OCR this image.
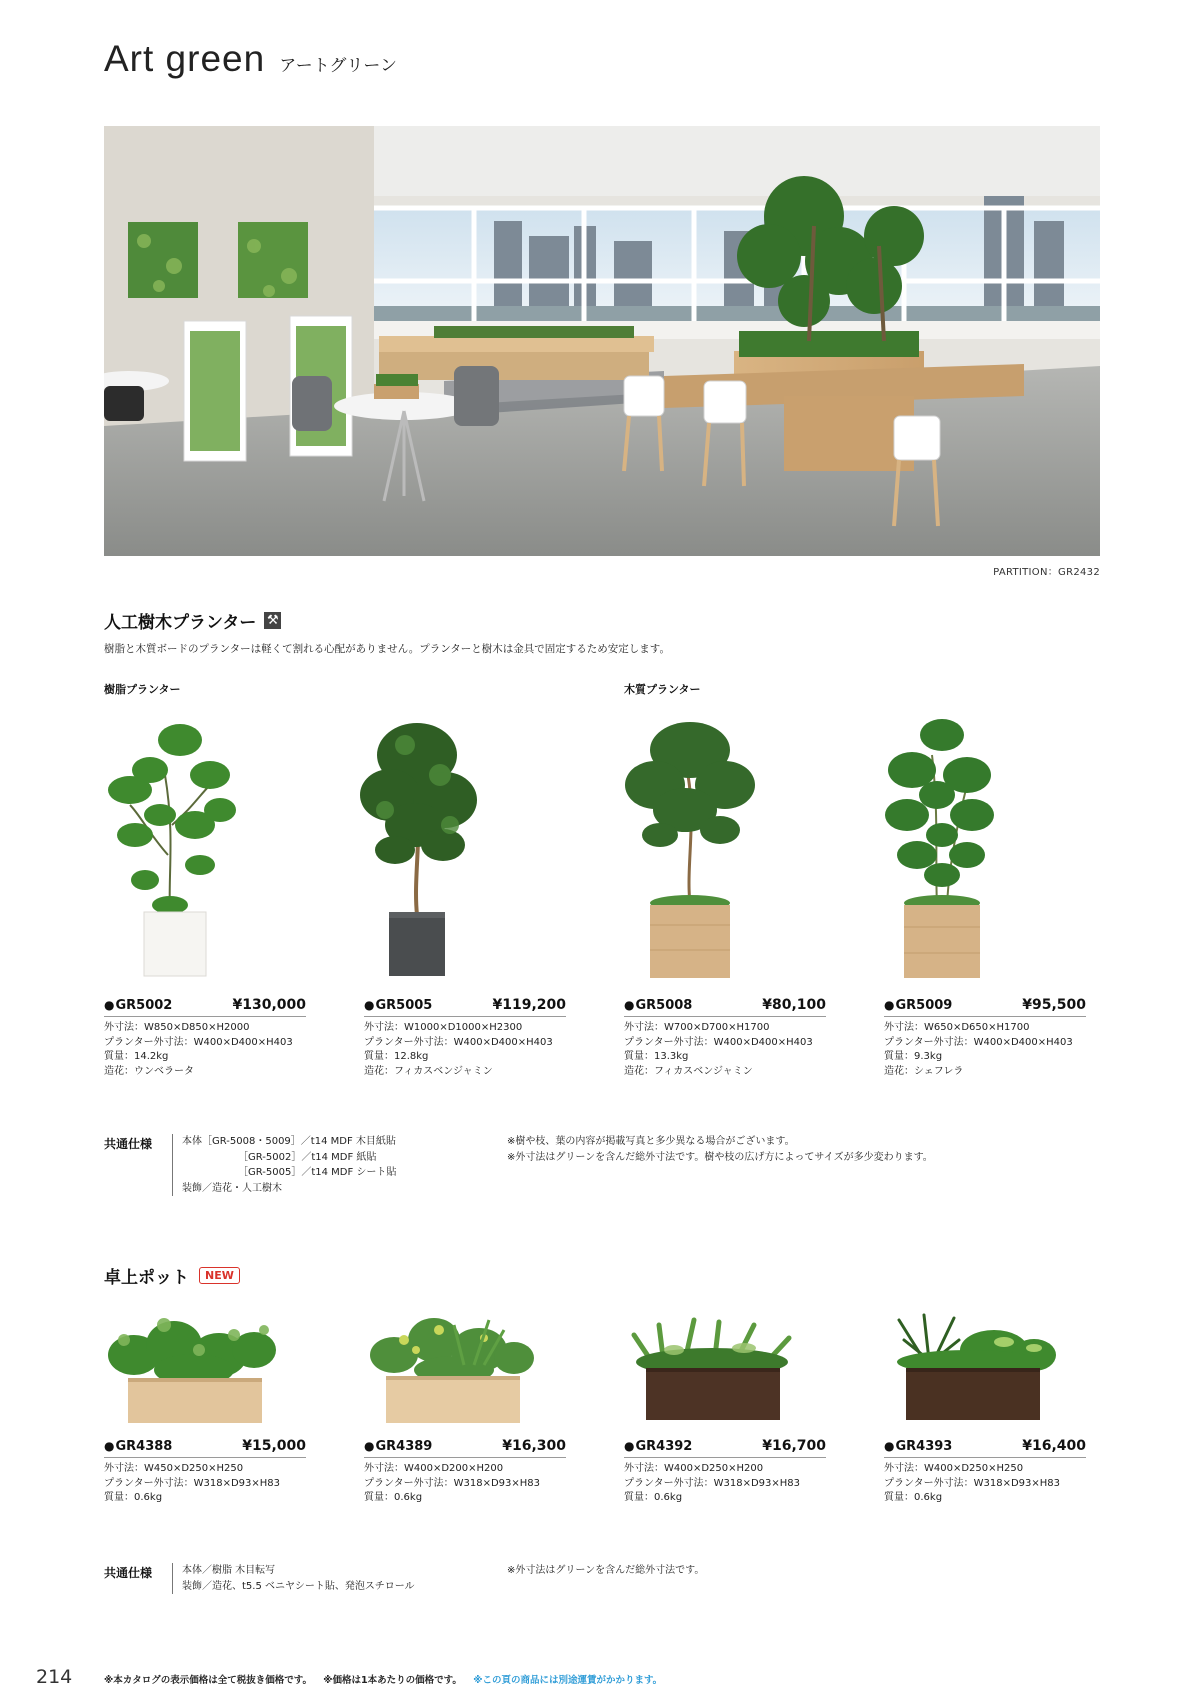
Art green アートグリーン
PARTITION：GR2432
人工樹木プランター ⚒
樹脂と木質ボードのプランターは軽くて割れる心配がありません。プランターと樹木は金具で固定するため安定します。
樹脂プランター	木質プランター
● GR5002	¥130,000
外寸法：W850×D850×H2000
プランター外寸法：W400×D400×H403
質量：14.2kg
造花：ウンベラータ
● GR5005	¥119,200
外寸法：W1000×D1000×H2300
プランター外寸法：W400×D400×H403
質量：12.8kg
造花：フィカスベンジャミン
● GR5008	¥80,100
外寸法：W700×D700×H1700
プランター外寸法：W400×D400×H403
質量：13.3kg
造花：フィカスベンジャミン
● GR5009	¥95,500
外寸法：W650×D650×H1700
プランター外寸法：W400×D400×H403
質量：9.3kg
造花：シェフレラ
共通仕様	本体［GR-5008・5009］／t14 MDF 木目紙貼
［GR-5002］／t14 MDF 紙貼
［GR-5005］／t14 MDF シート貼
装飾／造花・人工樹木
※樹や枝、葉の内容が掲載写真と多少異なる場合がございます。
※外寸法はグリーンを含んだ総外寸法です。樹や枝の広げ方によってサイズが多少変わります。
卓上ポット	NEW
● GR4388	¥15,000
外寸法：W450×D250×H250
プランター外寸法：W318×D93×H83
質量：0.6kg
● GR4389	¥16,300
外寸法：W400×D200×H200
プランター外寸法：W318×D93×H83
質量：0.6kg
● GR4392	¥16,700
外寸法：W400×D250×H200
プランター外寸法：W318×D93×H83
質量：0.6kg
● GR4393	¥16,400
外寸法：W400×D250×H250
プランター外寸法：W318×D93×H83
質量：0.6kg
共通仕様	本体／樹脂 木目転写
装飾／造花、t5.5 ベニヤシート貼、発泡スチロール
※外寸法はグリーンを含んだ総外寸法です。
214	※本カタログの表示価格は全て税抜き価格です。 ※価格は1本あたりの価格です。 ※この頁の商品には別途運賃がかかります。
